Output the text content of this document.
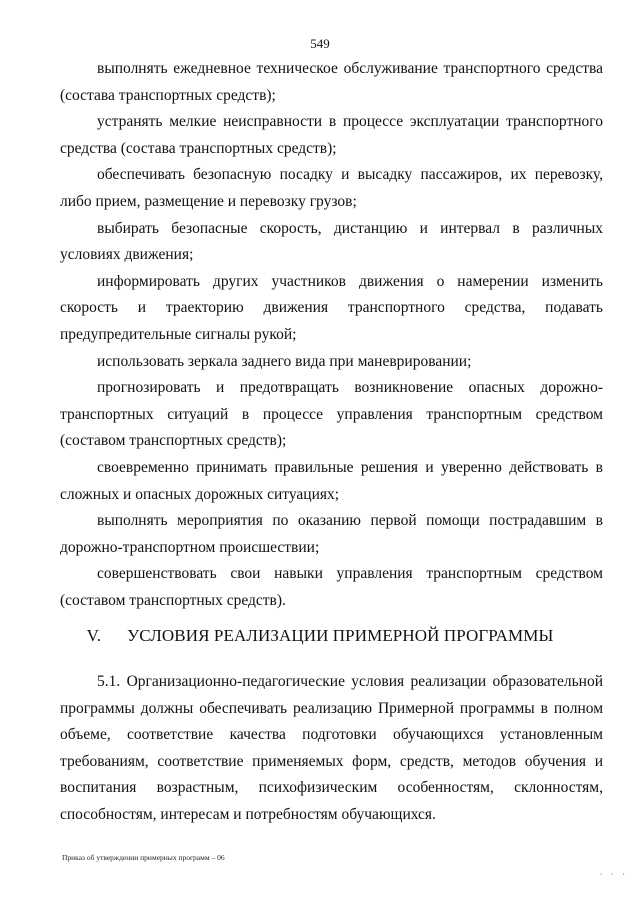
549

выполнять ежедневное техническое обслуживание транспортного средства (состава транспортных средств);

устранять мелкие неисправности в процессе эксплуатации транспортного средства (состава транспортных средств);

обеспечивать безопасную посадку и высадку пассажиров, их перевозку, либо прием, размещение и перевозку грузов;

выбирать безопасные скорость, дистанцию и интервал в различных условиях движения;

информировать других участников движения о намерении изменить скорость и траекторию движения транспортного средства, подавать предупредительные сигналы рукой;

использовать зеркала заднего вида при маневрировании;

прогнозировать и предотвращать возникновение опасных дорожно-транспортных ситуаций в процессе управления транспортным средством (составом транспортных средств);

своевременно принимать правильные решения и уверенно действовать в сложных и опасных дорожных ситуациях;

выполнять мероприятия по оказанию первой помощи пострадавшим в дорожно-транспортном происшествии;

совершенствовать свои навыки управления транспортным средством (составом транспортных средств).

V. УСЛОВИЯ РЕАЛИЗАЦИИ ПРИМЕРНОЙ ПРОГРАММЫ

5.1. Организационно-педагогические условия реализации образовательной программы должны обеспечивать реализацию Примерной программы в полном объеме, соответствие качества подготовки обучающихся установленным требованиям, соответствие применяемых форм, средств, методов обучения и воспитания возрастным, психофизическим особенностям, склонностям, способностям, интересам и потребностям обучающихся.

Приказ об утверждении примерных программ – 06
· · ·
